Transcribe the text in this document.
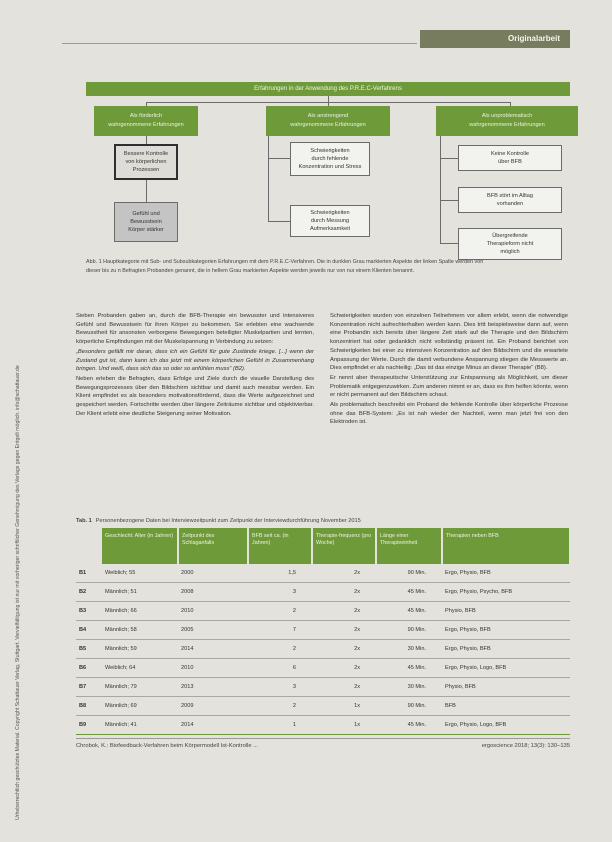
Urheberrechtlich geschütztes Material. Copyright Schattauer Verlag, Stuttgart. Vervielfältigung ist nur mit vorheriger schriftlicher Genehmigung des Verlags gegen Entgelt möglich. info@schattauer.de
Originalarbeit
Erfahrungen in der Anwendung des P.R.E.C-Verfahrens
Als förderlich
wahrgenommene Erfahrungen
Als anstrengend
wahrgenommene Erfahrungen
Als unproblematisch
wahrgenommene Erfahrungen
Bessere Kontrolle
von körperlichen
Prozessen
Gefühl und
Bewusstsein
Körper stärker
Schwierigkeiten
durch fehlende
Konzentration und Stress
Schwierigkeiten
durch Messung
Aufmerksamkeit
Keine Kontrolle
über BFB
BFB stört im Alltag
vorhanden
Übergreifende
Therapieform nicht
möglich
Abb. 1 Hauptkategorie mit Sub- und Subsubkategorien Erfahrungen mit dem P.R.E.C-Verfahren. Die in dunklen Grau markierten Aspekte der linken Spalte werden von dieser bis zu n Befragten Probanden genannt, die in hellem Grau markierten Aspekte werden jeweils nur von nur einem Klienten benannt.

Sieben Probanden gaben an, durch die BFB-Therapie ein bewusster und intensiveres Gefühl und Bewusstsein für ihren Körper zu bekommen. Sie erlebten eine wachsende Bewusstheit für ansonsten verborgene Bewegungen beteiligter Muskelpartien und lernten, körperliche Empfindungen mit der Muskelspannung in Verbindung zu setzen:

„Besonders gefällt mir daran, dass ich ein Gefühl für gute Zustände kriege. [...] wenn der Zustand gut ist, dann kann ich das jetzt mit einem körperlichen Gefühl in Zusammenhang bringen. Und weiß, dass sich das so oder so anfühlen muss“ (B2).

Neben erleben die Befragten, dass Erfolge und Ziele durch die visuelle Darstellung des Bewegungsprozesses über den Bildschirm sichtbar und damit auch messbar werden. Ein Klient empfindet es als besonders motivationsfördernd, dass die Werte aufgezeichnet und gespeichert werden. Fortschritte werden über längere Zeiträume sichtbar und objektivierbar. Der Klient erlebt eine deutliche Steigerung seiner Motivation.

Schwierigkeiten wurden von einzelnen Teilnehmern vor allem erlebt, wenn die notwendige Konzentration nicht aufrechterhalten werden kann. Dies tritt beispielsweise dann auf, wenn eine Probandin sich bereits über längere Zeit stark auf die Therapie und den Bildschirm konzentriert hat oder gedanklich nicht vollständig präsent ist. Ein Proband berichtet von Schwierigkeiten bei einer zu intensiven Konzentration auf den Bildschirm und die erwartete Anpassung der Werte. Durch die damit verbundene Anspannung stiegen die Messwerte an. Dies empfindet er als nachteilig: „Das ist das einzige Minus an dieser Therapie“ (B8).

Er nennt aber therapeutische Unterstützung zur Entspannung als Möglichkeit, um dieser Problematik entgegenzuwirken. Zum anderen nimmt er an, dass es ihm helfen könnte, wenn er nicht permanent auf den Bildschirm schaut.

Als problematisch beschreibt ein Proband die fehlende Kontrolle über körperliche Prozesse ohne das BFB-System: „Es ist nah wieder der Nachteil, wenn man jetzt frei von den Elektroden ist.

Tab. 1 Personenbezogene Daten bei Interviewzeitpunkt zum Zeitpunkt der Interviewdurchführung November 2015
	Geschlecht: Alter (in Jahren)	Zeitpunkt des Schlaganfalls	BFB seit ca. (in Jahren)	Therapie-frequenz (pro Woche)	Länge einer Therapieeinheit	Therapien neben BFB
B1	Weiblich; 55	2000	1,5	2x	90 Min.	Ergo, Physio, BFB
B2	Männlich; 51	2008	3	2x	45 Min.	Ergo, Physio, Psycho, BFB
B3	Männlich; 66	2010	2	2x	45 Min.	Physio, BFB
B4	Männlich; 58	2005	7	2x	90 Min.	Ergo, Physio, BFB
B5	Männlich; 59	2014	2	2x	30 Min.	Ergo, Physio, BFB
B6	Weiblich; 64	2010	6	2x	45 Min.	Ergo, Physio, Logo, BFB
B7	Männlich; 79	2013	3	2x	30 Min.	Physio, BFB
B8	Männlich; 69	2009	2	1x	90 Min.	BFB
B9	Männlich; 41	2014	1	1x	45 Min.	Ergo, Physio, Logo, BFB
Chrobok, K.: Biofeedback-Verfahren beim Körpermodell Ist-Kontrolle ...	ergoscience 2018; 13(3): 130–135
